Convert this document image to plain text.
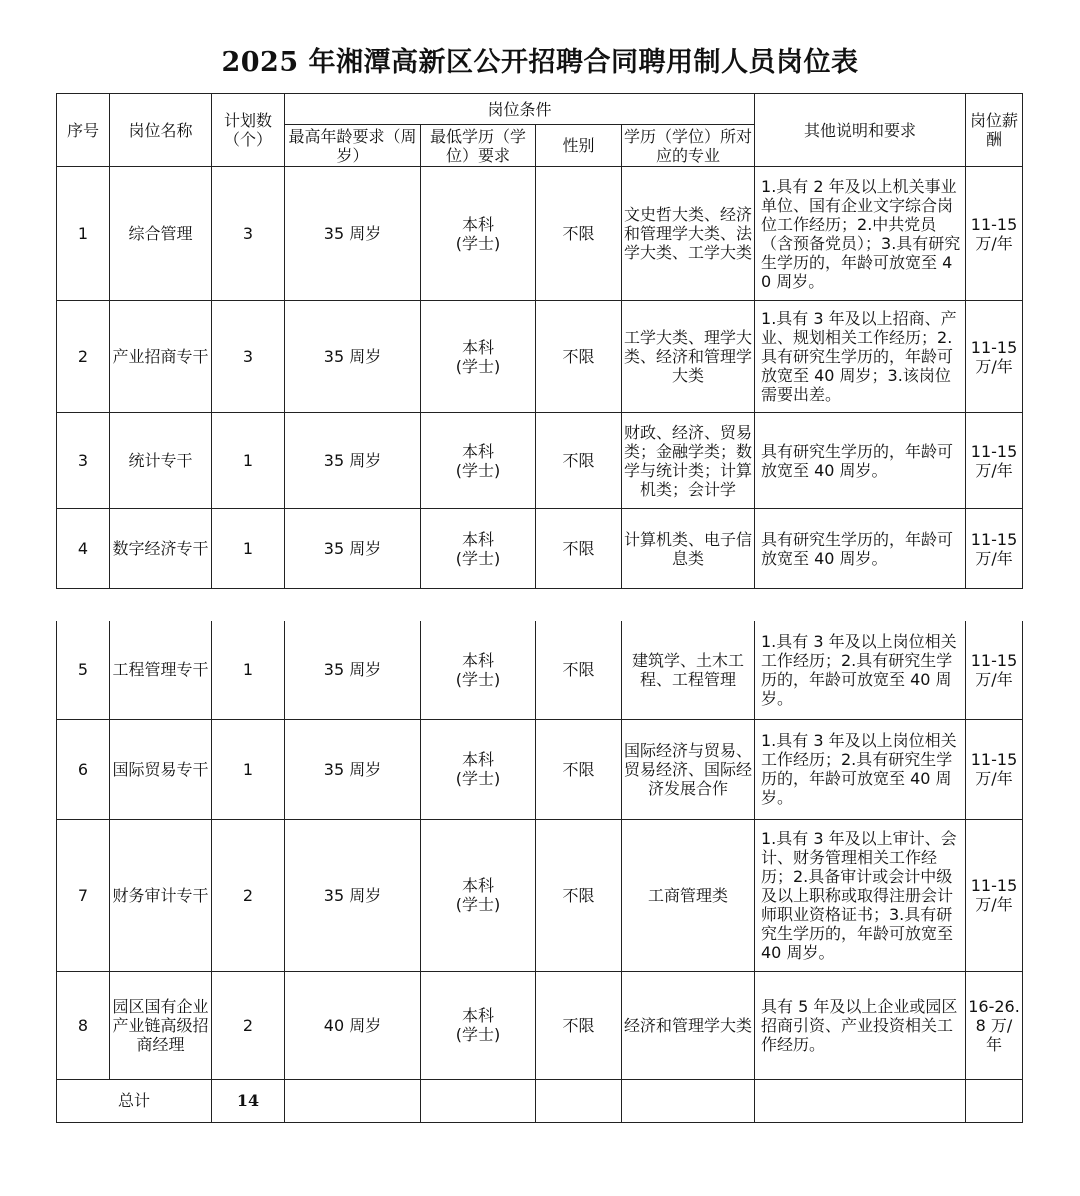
2025 年湘潭高新区公开招聘合同聘用制人员岗位表
序号	岗位名称	计划数（个）	岗位条件				其他说明和要求	岗位薪酬
			最高年龄要求（周岁）	最低学历（学位）要求	性别	学历（学位）所对应的专业		
1	综合管理	3	35 周岁	本科
(学士)	不限	文史哲大类、经济和管理学大类、法学大类、工学大类	1.具有 2 年及以上机关事业单位、国有企业文字综合岗位工作经历；2.中共党员（含预备党员）；3.具有研究生学历的，年龄可放宽至 40 周岁。	11-15 万/年
2	产业招商专干	3	35 周岁	本科
(学士)	不限	工学大类、理学大类、经济和管理学大类	1.具有 3 年及以上招商、产业、规划相关工作经历；2.具有研究生学历的，年龄可放宽至 40 周岁；3.该岗位需要出差。	11-15 万/年
3	统计专干	1	35 周岁	本科
(学士)	不限	财政、经济、贸易类；金融学类；数学与统计类；计算机类；会计学	具有研究生学历的，年龄可放宽至 40 周岁。	11-15 万/年
4	数字经济专干	1	35 周岁	本科
(学士)	不限	计算机类、电子信息类	具有研究生学历的，年龄可放宽至 40 周岁。	11-15 万/年
5	工程管理专干	1	35 周岁	本科
(学士)	不限	建筑学、土木工程、工程管理	1.具有 3 年及以上岗位相关工作经历；2.具有研究生学历的，年龄可放宽至 40 周岁。	11-15 万/年
6	国际贸易专干	1	35 周岁	本科
(学士)	不限	国际经济与贸易、贸易经济、国际经济发展合作	1.具有 3 年及以上岗位相关工作经历；2.具有研究生学历的，年龄可放宽至 40 周岁。	11-15 万/年
7	财务审计专干	2	35 周岁	本科
(学士)	不限	工商管理类	1.具有 3 年及以上审计、会计、财务管理相关工作经历；2.具备审计或会计中级及以上职称或取得注册会计师职业资格证书；3.具有研究生学历的，年龄可放宽至 40 周岁。	11-15 万/年
8	园区国有企业产业链高级招商经理	2	40 周岁	本科
(学士)	不限	经济和管理学大类	具有 5 年及以上企业或园区招商引资、产业投资相关工作经历。	16-26.8 万/年
总计		14						
